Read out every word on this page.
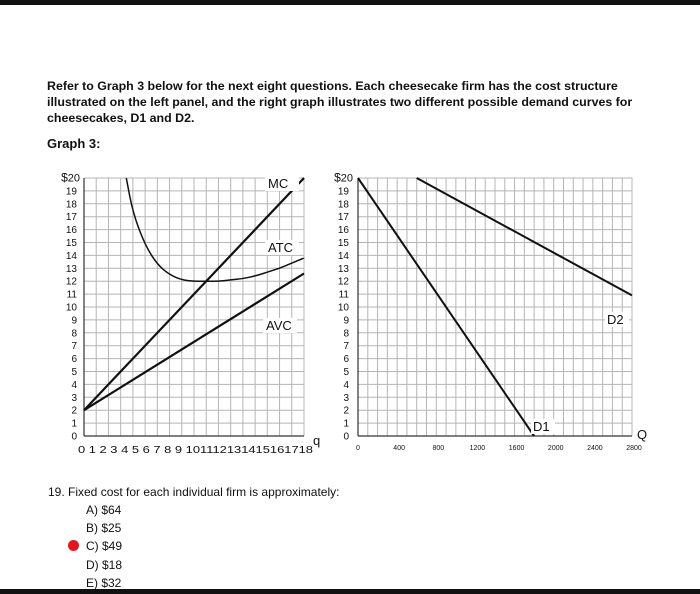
Refer to Graph 3 below for the next eight questions. Each cheesecake firm has the cost structure illustrated on the left panel, and the right graph illustrates two different possible demand curves for cheesecakes, D1 and D2.

Graph 3:
$20
19
18
17
16
15
14
13
12
11
10
9
8
7
6
5
4
3
2
1
0
0 1 2 3 4 5 6 7 8 9 101112131415161718
q
MC
ATC
AVC
$20
19
18
17
16
15
14
13
12
11
10
9
8
7
6
5
4
3
2
1
0
0	400	800	1200	1600	2000	2400	2800
Q
D1
D2
19. Fixed cost for each individual firm is approximately:
A) $64
B) $25
C) $49
D) $18
E) $32
